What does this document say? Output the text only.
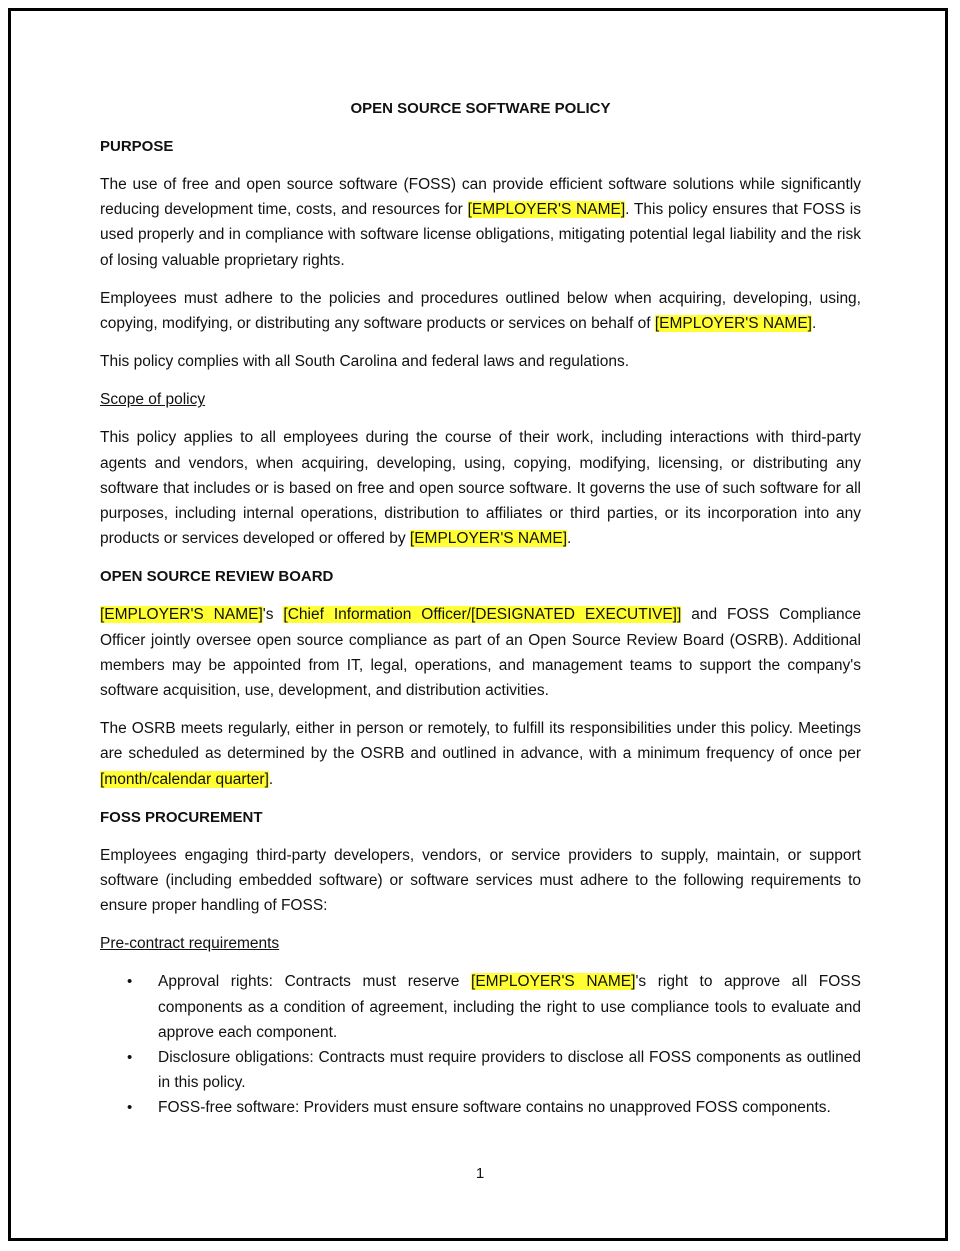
OPEN SOURCE SOFTWARE POLICY
PURPOSE

The use of free and open source software (FOSS) can provide efficient software solutions while significantly reducing development time, costs, and resources for [EMPLOYER'S NAME]. This policy ensures that FOSS is used properly and in compliance with software license obligations, mitigating potential legal liability and the risk of losing valuable proprietary rights.

Employees must adhere to the policies and procedures outlined below when acquiring, developing, using, copying, modifying, or distributing any software products or services on behalf of [EMPLOYER'S NAME].

This policy complies with all South Carolina and federal laws and regulations.

Scope of policy

This policy applies to all employees during the course of their work, including interactions with third-party agents and vendors, when acquiring, developing, using, copying, modifying, licensing, or distributing any software that includes or is based on free and open source software. It governs the use of such software for all purposes, including internal operations, distribution to affiliates or third parties, or its incorporation into any products or services developed or offered by [EMPLOYER'S NAME].

OPEN SOURCE REVIEW BOARD

[EMPLOYER'S NAME]'s [Chief Information Officer/[DESIGNATED EXECUTIVE]] and FOSS Compliance Officer jointly oversee open source compliance as part of an Open Source Review Board (OSRB). Additional members may be appointed from IT, legal, operations, and management teams to support the company's software acquisition, use, development, and distribution activities.

The OSRB meets regularly, either in person or remotely, to fulfill its responsibilities under this policy. Meetings are scheduled as determined by the OSRB and outlined in advance, with a minimum frequency of once per [month/calendar quarter].

FOSS PROCUREMENT

Employees engaging third-party developers, vendors, or service providers to supply, maintain, or support software (including embedded software) or software services must adhere to the following requirements to ensure proper handling of FOSS:

Pre-contract requirements
• Approval rights: Contracts must reserve [EMPLOYER'S NAME]'s right to approve all FOSS components as a condition of agreement, including the right to use compliance tools to evaluate and approve each component.
• Disclosure obligations: Contracts must require providers to disclose all FOSS components as outlined in this policy.
• FOSS-free software: Providers must ensure software contains no unapproved FOSS components.
1
